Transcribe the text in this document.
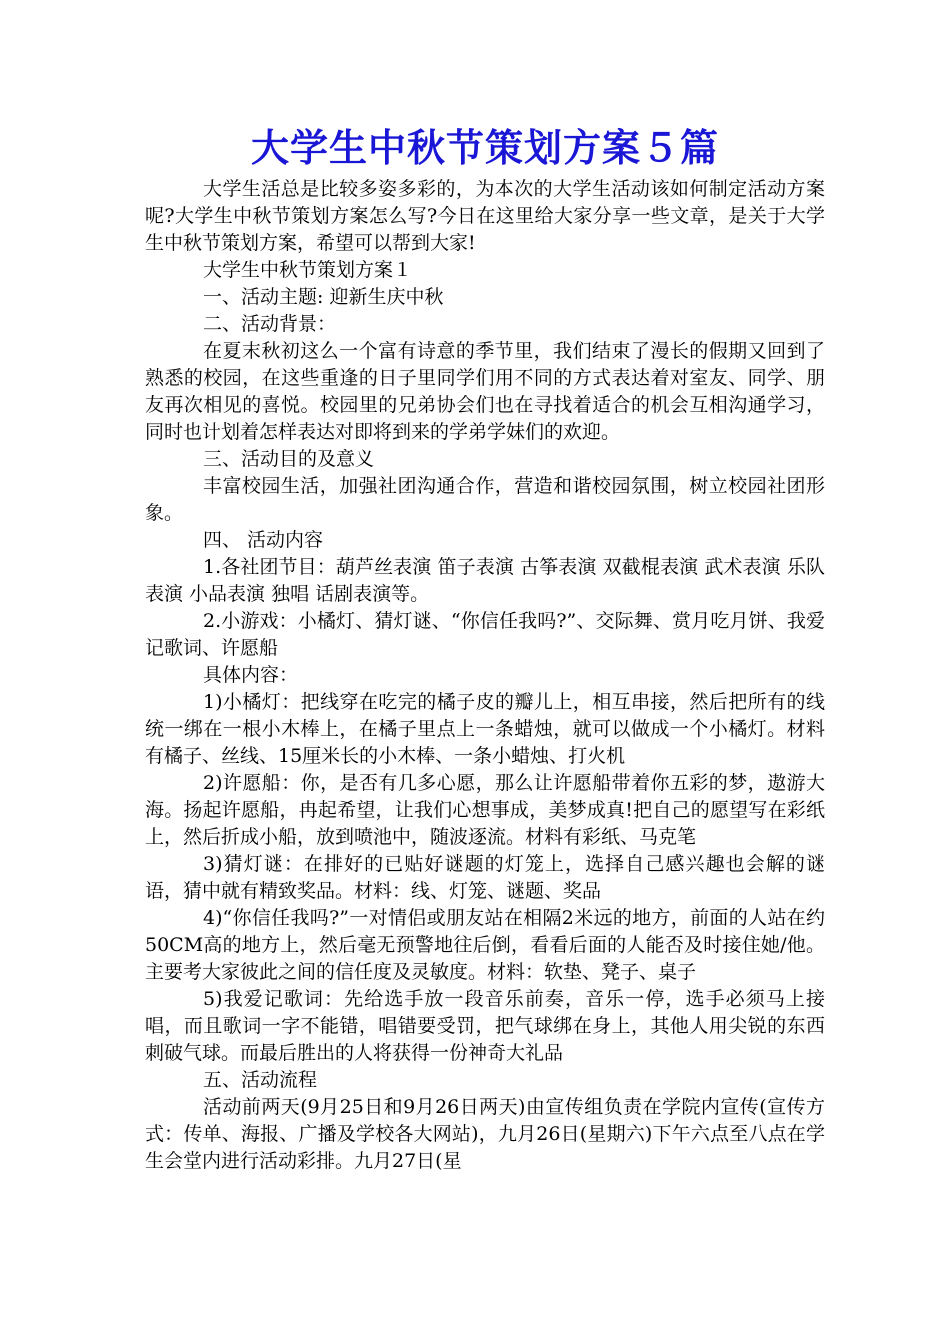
大学生中秋节策划方案５篇

大学生活总是比较多姿多彩的，为本次的大学生活动该如何制定活动方案呢?大学生中秋节策划方案怎么写?今日在这里给大家分享一些文章，是关于大学生中秋节策划方案，希望可以帮到大家!

大学生中秋节策划方案１

一、活动主题: 迎新生庆中秋

二、活动背景：

在夏末秋初这么一个富有诗意的季节里，我们结束了漫长的假期又回到了熟悉的校园，在这些重逢的日子里同学们用不同的方式表达着对室友、同学、朋友再次相见的喜悦。校园里的兄弟协会们也在寻找着适合的机会互相沟通学习，同时也计划着怎样表达对即将到来的学弟学妹们的欢迎。

三、活动目的及意义

丰富校园生活，加强社团沟通合作，营造和谐校园氛围，树立校园社团形象。

四、 活动内容

1.各社团节目：葫芦丝表演 笛子表演 古筝表演 双截棍表演 武术表演 乐队表演 小品表演 独唱 话剧表演等。

2.小游戏：小橘灯、猜灯谜、“你信任我吗?”、交际舞、赏月吃月饼、我爱记歌词、许愿船

具体内容：

1)小橘灯：把线穿在吃完的橘子皮的瓣儿上，相互串接，然后把所有的线统一绑在一根小木棒上，在橘子里点上一条蜡烛，就可以做成一个小橘灯。材料有橘子、丝线、15厘米长的小木棒、一条小蜡烛、打火机

2)许愿船：你，是否有几多心愿，那么让许愿船带着你五彩的梦，遨游大海。扬起许愿船，冉起希望，让我们心想事成，美梦成真!把自己的愿望写在彩纸上，然后折成小船，放到喷池中，随波逐流。材料有彩纸、马克笔

3)猜灯谜：在排好的已贴好谜题的灯笼上，选择自己感兴趣也会解的谜语，猜中就有精致奖品。材料：线、灯笼、谜题、奖品

4)“你信任我吗?”一对情侣或朋友站在相隔2米远的地方，前面的人站在约50CM高的地方上，然后毫无预警地往后倒，看看后面的人能否及时接住她/他。主要考大家彼此之间的信任度及灵敏度。材料：软垫、凳子、桌子

5)我爱记歌词：先给选手放一段音乐前奏，音乐一停，选手必须马上接唱，而且歌词一字不能错，唱错要受罚，把气球绑在身上，其他人用尖锐的东西刺破气球。而最后胜出的人将获得一份神奇大礼品

五、活动流程

活动前两天(9月25日和9月26日两天)由宣传组负责在学院内宣传(宣传方式：传单、海报、广播及学校各大网站)，九月26日(星期六)下午六点至八点在学生会堂内进行活动彩排。九月27日(星
